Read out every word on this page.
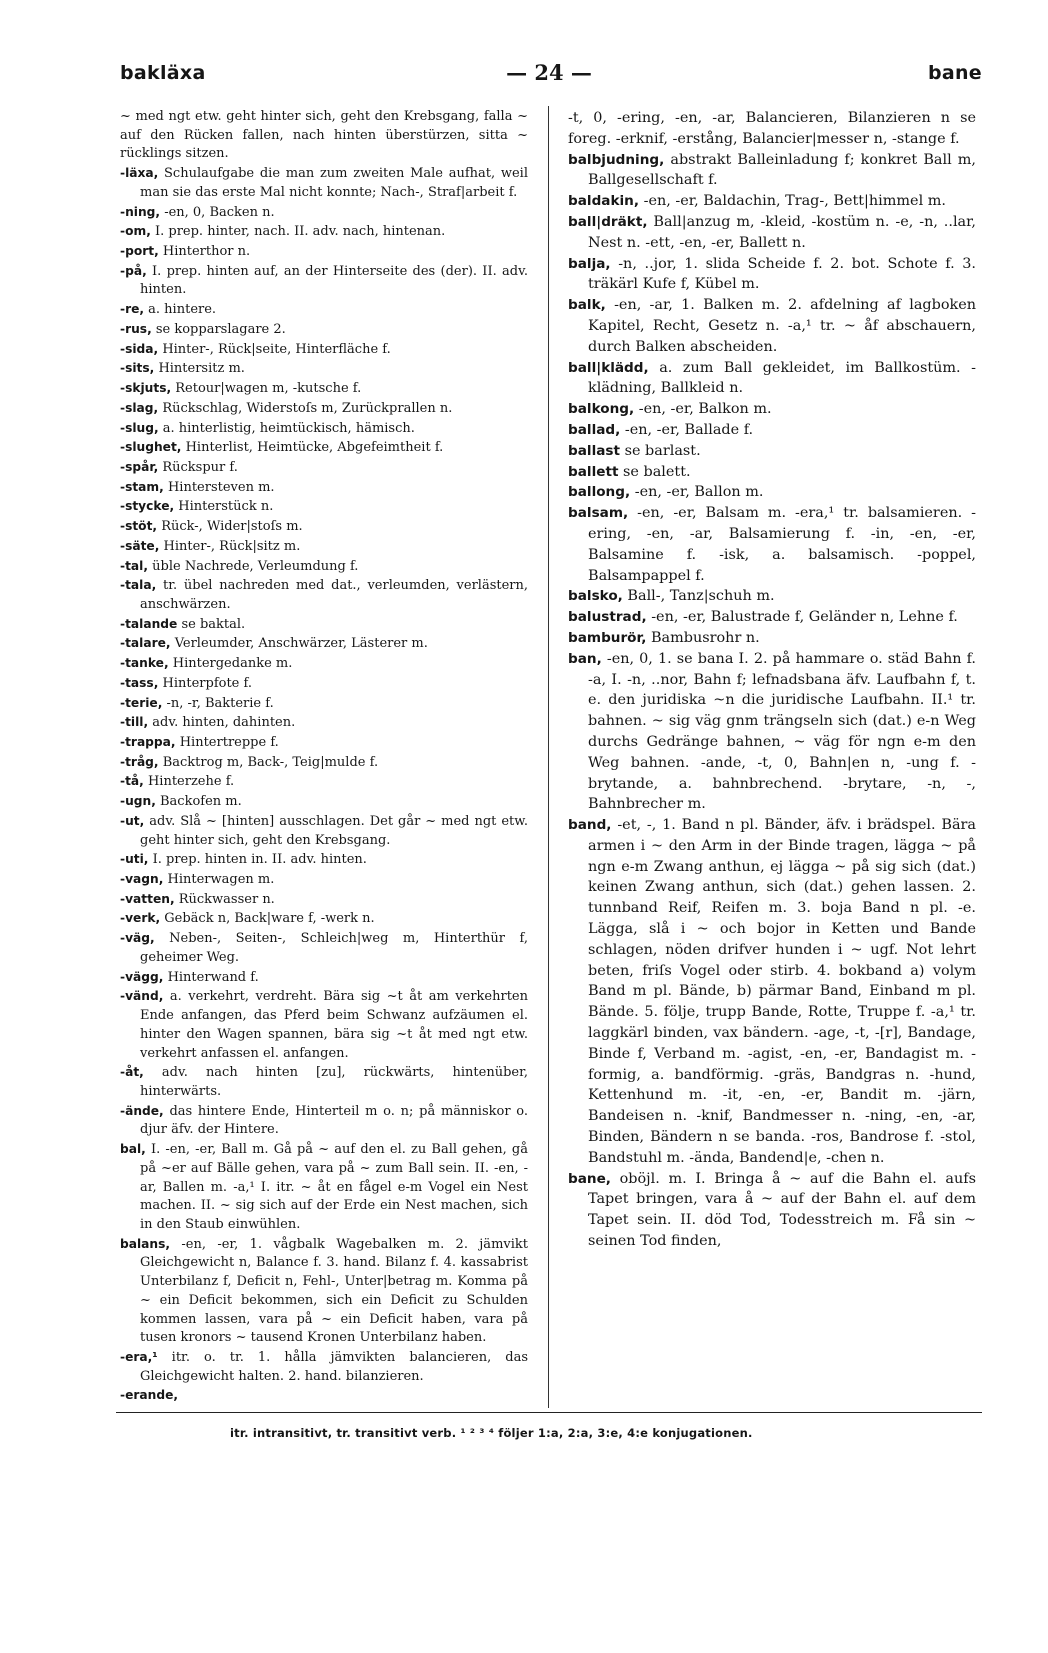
bakläxa	— 24 —	bane

~ med ngt etw. geht hinter sich, geht den Krebsgang, falla ~ auf den Rücken fallen, nach hinten überstürzen, sitta ~ rücklings sitzen.

-läxa, Schulaufgabe die man zum zweiten Male aufhat, weil man sie das erste Mal nicht konnte; Nach-, Straf|arbeit f.

-ning, -en, 0, Backen n.

-om, I. prep. hinter, nach. II. adv. nach, hintenan.

-port, Hinterthor n.

-på, I. prep. hinten auf, an der Hinterseite des (der). II. adv. hinten.

-re, a. hintere.

-rus, se kopparslagare 2.

-sida, Hinter-, Rück|seite, Hinterfläche f.

-sits, Hintersitz m.

-skjuts, Retour|wagen m, -kutsche f.

-slag, Rückschlag, Widerstoſs m, Zurückprallen n.

-slug, a. hinterlistig, heimtückisch, hämisch.

-slughet, Hinterlist, Heimtücke, Abgefeimtheit f.

-spår, Rückspur f.

-stam, Hintersteven m.

-stycke, Hinterstück n.

-stöt, Rück-, Wider|stoſs m.

-säte, Hinter-, Rück|sitz m.

-tal, üble Nachrede, Verleumdung f.

-tala, tr. übel nachreden med dat., verleumden, verlästern, anschwärzen.

-talande se baktal.

-talare, Verleumder, Anschwärzer, Lästerer m.

-tanke, Hintergedanke m.

-tass, Hinterpfote f.

-terie, -n, -r, Bakterie f.

-till, adv. hinten, dahinten.

-trappa, Hintertreppe f.

-tråg, Backtrog m, Back-, Teig|mulde f.

-tå, Hinterzehe f.

-ugn, Backofen m.

-ut, adv. Slå ~ [hinten] ausschlagen. Det går ~ med ngt etw. geht hinter sich, geht den Krebsgang.

-uti, I. prep. hinten in. II. adv. hinten.

-vagn, Hinterwagen m.

-vatten, Rückwasser n.

-verk, Gebäck n, Back|ware f, -werk n.

-väg, Neben-, Seiten-, Schleich|weg m, Hinterthür f, geheimer Weg.

-vägg, Hinterwand f.

-vänd, a. verkehrt, verdreht. Bära sig ~t åt am verkehrten Ende anfangen, das Pferd beim Schwanz aufzäumen el. hinter den Wagen spannen, bära sig ~t åt med ngt etw. verkehrt anfassen el. anfangen.

-åt, adv. nach hinten [zu], rückwärts, hintenüber, hinterwärts.

-ände, das hintere Ende, Hinterteil m o. n; på människor o. djur äfv. der Hintere.

bal, I. -en, -er, Ball m. Gå på ~ auf den el. zu Ball gehen, gå på ~er auf Bälle gehen, vara på ~ zum Ball sein. II. -en, -ar, Ballen m. -a,¹ I. itr. ~ åt en fågel e-m Vogel ein Nest machen. II. ~ sig sich auf der Erde ein Nest machen, sich in den Staub einwühlen.

balans, -en, -er, 1. vågbalk Wagebalken m. 2. jämvikt Gleichgewicht n, Balance f. 3. hand. Bilanz f. 4. kassabrist Unterbilanz f, Deficit n, Fehl-, Unter|betrag m. Komma på ~ ein Deficit bekommen, sich ein Deficit zu Schulden kommen lassen, vara på ~ ein Deficit haben, vara på tusen kronors ~ tausend Kronen Unterbilanz haben.

-era,¹ itr. o. tr. 1. hålla jämvikten balancieren, das Gleichgewicht halten. 2. hand. bilanzieren.

-erande,

-t, 0, -ering, -en, -ar, Balancieren, Bilanzieren n se foreg. -erknif, -erstång, Balancier|messer n, -stange f.

balbjudning, abstrakt Balleinladung f; konkret Ball m, Ballgesellschaft f.

baldakin, -en, -er, Baldachin, Trag-, Bett|himmel m.

ball|dräkt, Ball|anzug m, -kleid, -kostüm n. -e, -n, ..lar, Nest n. -ett, -en, -er, Ballett n.

balja, -n, ..jor, 1. slida Scheide f. 2. bot. Schote f. 3. träkärl Kufe f, Kübel m.

balk, -en, -ar, 1. Balken m. 2. afdelning af lagboken Kapitel, Recht, Gesetz n. -a,¹ tr. ~ åf abschauern, durch Balken abscheiden.

ball|klädd, a. zum Ball gekleidet, im Ballkostüm. -klädning, Ballkleid n.

balkong, -en, -er, Balkon m.

ballad, -en, -er, Ballade f.

ballast se barlast.

ballett se balett.

ballong, -en, -er, Ballon m.

balsam, -en, -er, Balsam m. -era,¹ tr. balsamieren. -ering, -en, -ar, Balsamierung f. -in, -en, -er, Balsamine f. -isk, a. balsamisch. -poppel, Balsampappel f.

balsko, Ball-, Tanz|schuh m.

balustrad, -en, -er, Balustrade f, Geländer n, Lehne f.

bamburör, Bambusrohr n.

ban, -en, 0, 1. se bana I. 2. på hammare o. städ Bahn f. -a, I. -n, ..nor, Bahn f; lefnadsbana äfv. Laufbahn f, t. e. den juridiska ~n die juridische Laufbahn. II.¹ tr. bahnen. ~ sig väg gnm trängseln sich (dat.) e-n Weg durchs Gedränge bahnen, ~ väg för ngn e-m den Weg bahnen. -ande, -t, 0, Bahn|en n, -ung f. -brytande, a. bahnbrechend. -brytare, -n, -, Bahnbrecher m.

band, -et, -, 1. Band n pl. Bänder, äfv. i brädspel. Bära armen i ~ den Arm in der Binde tragen, lägga ~ på ngn e-m Zwang anthun, ej lägga ~ på sig sich (dat.) keinen Zwang anthun, sich (dat.) gehen lassen. 2. tunnband Reif, Reifen m. 3. boja Band n pl. -e. Lägga, slå i ~ och bojor in Ketten und Bande schlagen, nöden drifver hunden i ~ ugf. Not lehrt beten, friſs Vogel oder stirb. 4. bokband a) volym Band m pl. Bände, b) pärmar Band, Einband m pl. Bände. 5. följe, trupp Bande, Rotte, Truppe f. -a,¹ tr. laggkärl binden, vax bändern. -age, -t, -[r], Bandage, Binde f, Verband m. -agist, -en, -er, Bandagist m. -formig, a. bandförmig. -gräs, Bandgras n. -hund, Kettenhund m. -it, -en, -er, Bandit m. -järn, Bandeisen n. -knif, Bandmesser n. -ning, -en, -ar, Binden, Bändern n se banda. -ros, Bandrose f. -stol, Bandstuhl m. -ända, Bandend|e, -chen n.

bane, oböjl. m. I. Bringa å ~ auf die Bahn el. aufs Tapet bringen, vara å ~ auf der Bahn el. auf dem Tapet sein. II. död Tod, Todesstreich m. Få sin ~ seinen Tod finden,

itr. intransitivt, tr. transitivt verb. ¹ ² ³ ⁴ följer 1:a, 2:a, 3:e, 4:e konjugationen.
